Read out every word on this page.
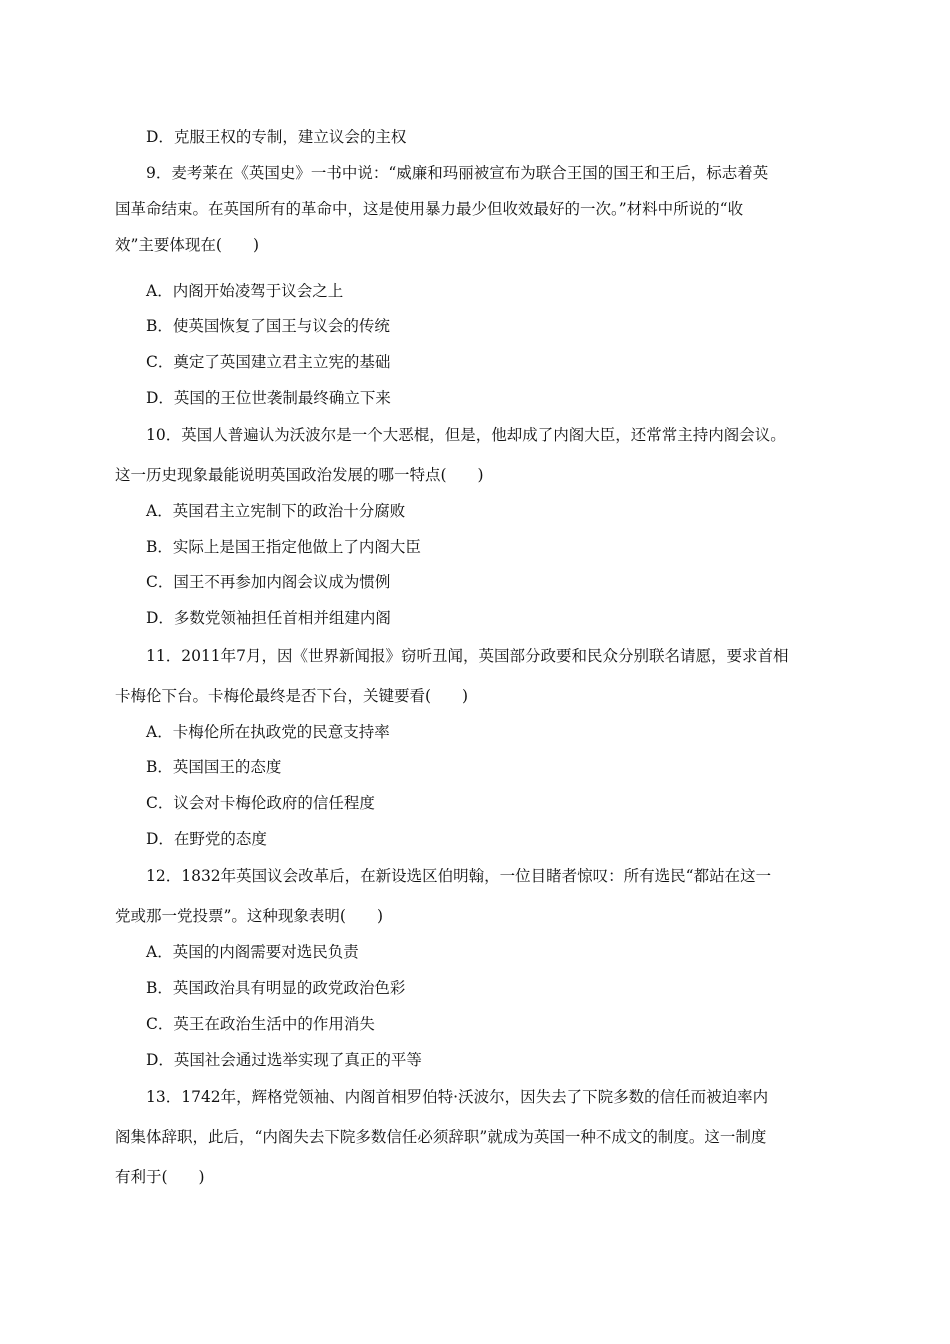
D．克服王权的专制，建立议会的主权
9．麦考莱在《英国史》一书中说：“威廉和玛丽被宣布为联合王国的国王和王后，标志着英
国革命结束。在英国所有的革命中，这是使用暴力最少但收效最好的一次。”材料中所说的“收
效”主要体现在(　　)
A．内阁开始凌驾于议会之上
B．使英国恢复了国王与议会的传统
C．奠定了英国建立君主立宪的基础
D．英国的王位世袭制最终确立下来
10．英国人普遍认为沃波尔是一个大恶棍，但是，他却成了内阁大臣，还常常主持内阁会议。
这一历史现象最能说明英国政治发展的哪一特点(　　)
A．英国君主立宪制下的政治十分腐败
B．实际上是国王指定他做上了内阁大臣
C．国王不再参加内阁会议成为惯例
D．多数党领袖担任首相并组建内阁
11．2011年7月，因《世界新闻报》窃听丑闻，英国部分政要和民众分别联名请愿，要求首相
卡梅伦下台。卡梅伦最终是否下台，关键要看(　　)
A．卡梅伦所在执政党的民意支持率
B．英国国王的态度
C．议会对卡梅伦政府的信任程度
D．在野党的态度
12．1832年英国议会改革后，在新设选区伯明翰，一位目睹者惊叹：所有选民“都站在这一
党或那一党投票”。这种现象表明(　　)
A．英国的内阁需要对选民负责
B．英国政治具有明显的政党政治色彩
C．英王在政治生活中的作用消失
D．英国社会通过选举实现了真正的平等
13．1742年，辉格党领袖、内阁首相罗伯特·沃波尔，因失去了下院多数的信任而被迫率内
阁集体辞职，此后，“内阁失去下院多数信任必须辞职”就成为英国一种不成文的制度。这一制度
有利于(　　)
